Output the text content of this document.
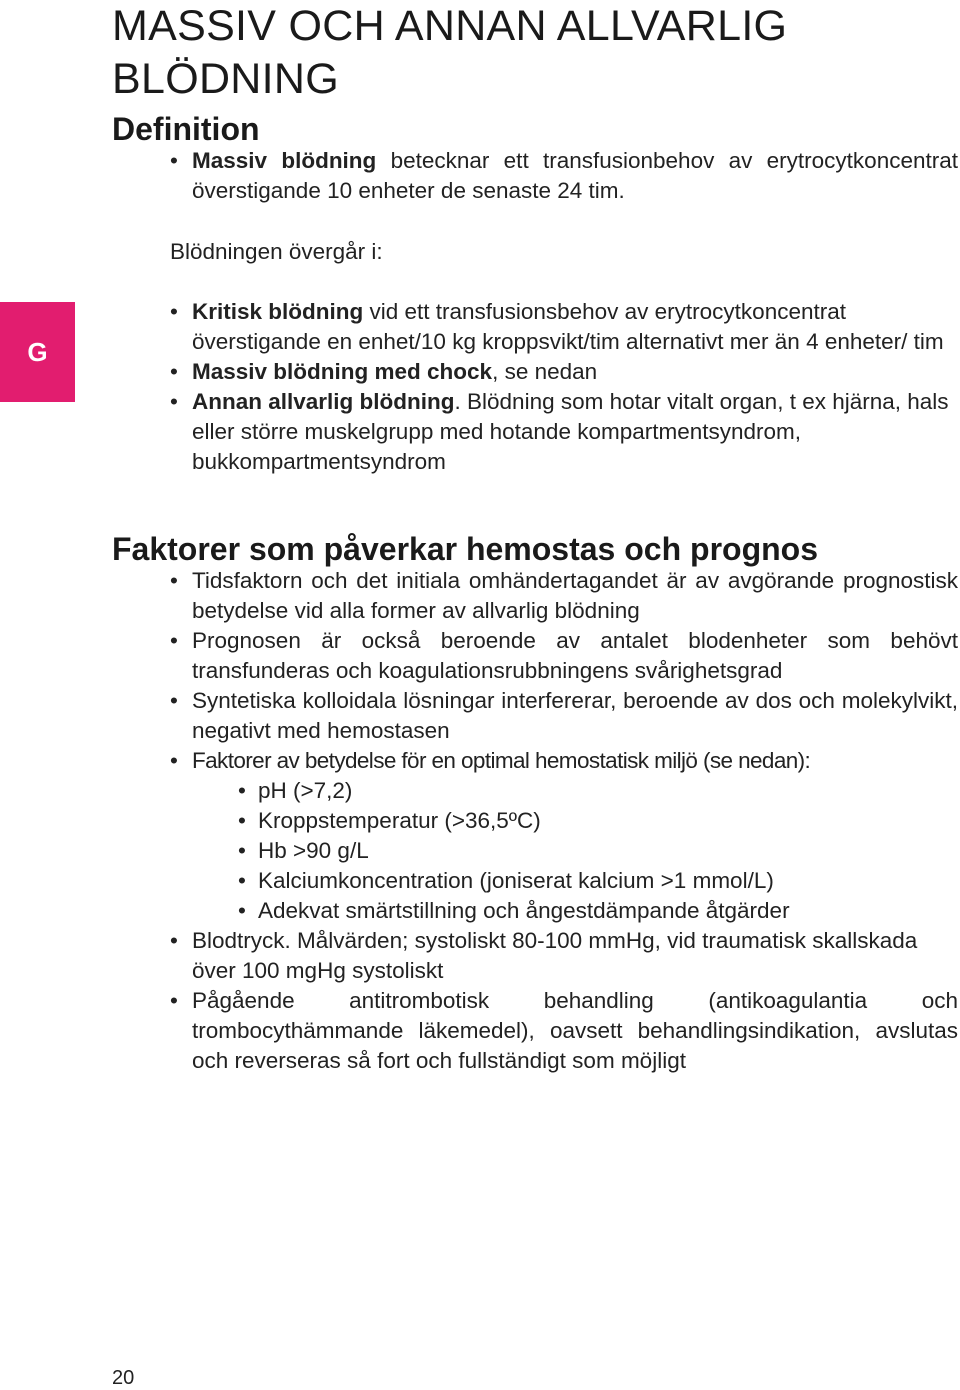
MASSIV OCH ANNAN ALLVARLIG BLÖDNING
Definition
• Massiv blödning betecknar ett transfusionbehov av erytrocytkoncentrat överstigande 10 enheter de senaste 24 tim.
Blödningen övergår i:
G
• Kritisk blödning vid ett transfusionsbehov av erytrocytkoncentrat överstigande en enhet/10 kg kroppsvikt/tim alternativt mer än 4 enheter/ tim
• Massiv blödning med chock, se nedan
• Annan allvarlig blödning. Blödning som hotar vitalt organ, t ex hjärna, hals eller större muskelgrupp med hotande kompartmentsyndrom, bukkompartmentsyndrom
Faktorer som påverkar hemostas och prognos
• Tidsfaktorn och det initiala omhändertagandet är av avgörande prognostisk betydelse vid alla former av allvarlig blödning
• Prognosen är också beroende av antalet blodenheter som behövt transfunderas och koagulationsrubbningens svårighetsgrad
• Syntetiska kolloidala lösningar interfererar, beroende av dos och molekylvikt, negativt med hemostasen
• Faktorer av betydelse för en optimal hemostatisk miljö (se nedan):
• pH (>7,2)
• Kroppstemperatur (>36,5ºC)
• Hb >90 g/L
• Kalciumkoncentration (joniserat kalcium >1 mmol/L)
• Adekvat smärtstillning och ångestdämpande åtgärder
• Blodtryck. Målvärden; systoliskt 80-100 mmHg, vid traumatisk skallskada över 100 mgHg systoliskt
• Pågående antitrombotisk behandling (antikoagulantia och trombocythämmande läkemedel), oavsett behandlingsindikation, avslutas och reverseras så fort och fullständigt som möjligt
20
